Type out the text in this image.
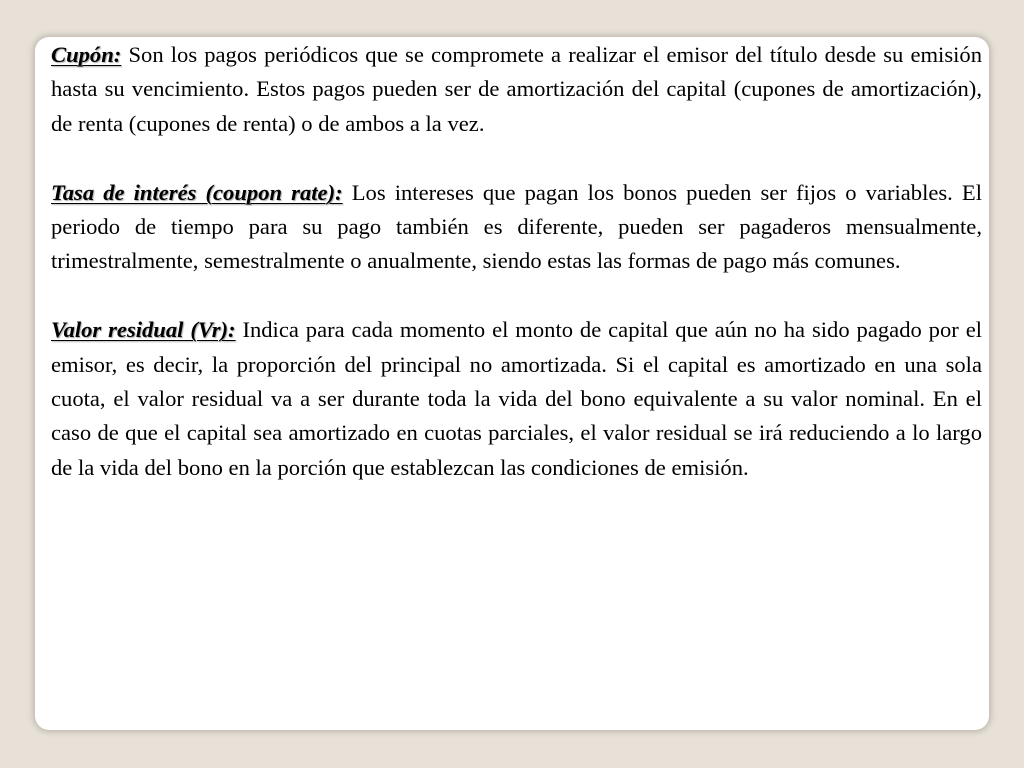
Cupón: Son los pagos periódicos que se compromete a realizar el emisor del título desde su emisión hasta su vencimiento. Estos pagos pueden ser de amortización del capital (cupones de amortización), de renta (cupones de renta) o de ambos a la vez.

Tasa de interés (coupon rate): Los intereses que pagan los bonos pueden ser fijos o variables. El periodo de tiempo para su pago también es diferente, pueden ser pagaderos mensualmente, trimestralmente, semestralmente o anualmente, siendo estas las formas de pago más comunes.

Valor residual (Vr): Indica para cada momento el monto de capital que aún no ha sido pagado por el emisor, es decir, la proporción del principal no amortizada. Si el capital es amortizado en una sola cuota, el valor residual va a ser durante toda la vida del bono equivalente a su valor nominal. En el caso de que el capital sea amortizado en cuotas parciales, el valor residual se irá reduciendo a lo largo de la vida del bono en la porción que establezcan las condiciones de emisión.
